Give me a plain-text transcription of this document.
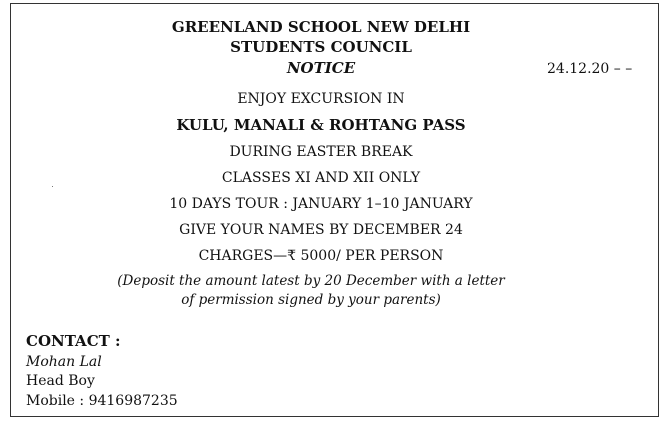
GREENLAND SCHOOL NEW DELHI
STUDENTS COUNCIL
NOTICE	24.12.20 – –
ENJOY EXCURSION IN
KULU, MANALI & ROHTANG PASS
DURING EASTER BREAK
CLASSES XI AND XII ONLY
10 DAYS TOUR : JANUARY 1–10 JANUARY
GIVE YOUR NAMES BY DECEMBER 24
CHARGES—₹ 5000/ PER PERSON
(Deposit the amount latest by 20 December with a letter
of permission signed by your parents)
CONTACT :
Mohan Lal
Head Boy
Mobile : 9416987235
